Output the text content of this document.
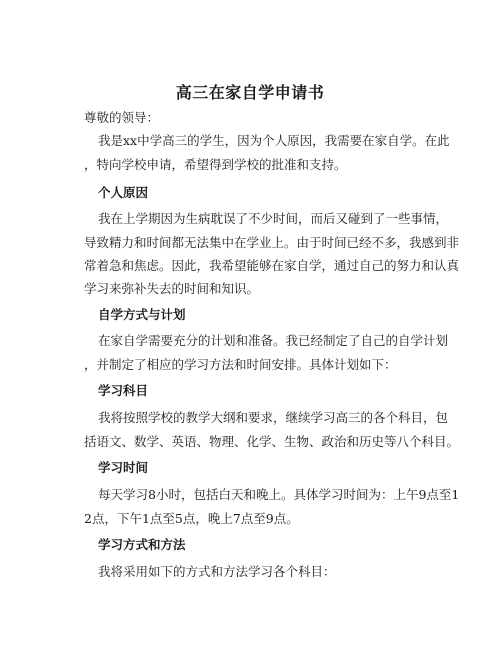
高三在家自学申请书
尊敬的领导：
我是xx中学高三的学生，因为个人原因，我需要在家自学。在此
，特向学校申请，希望得到学校的批准和支持。
个人原因
我在上学期因为生病耽误了不少时间，而后又碰到了一些事情，
导致精力和时间都无法集中在学业上。由于时间已经不多，我感到非
常着急和焦虑。因此，我希望能够在家自学，通过自己的努力和认真
学习来弥补失去的时间和知识。
自学方式与计划
在家自学需要充分的计划和准备。我已经制定了自己的自学计划
，并制定了相应的学习方法和时间安排。具体计划如下：
学习科目
我将按照学校的教学大纲和要求，继续学习高三的各个科目，包
括语文、数学、英语、物理、化学、生物、政治和历史等八个科目。
学习时间
每天学习8小时，包括白天和晚上。具体学习时间为：上午9点至1
2点，下午1点至5点，晚上7点至9点。
学习方式和方法
我将采用如下的方式和方法学习各个科目：
